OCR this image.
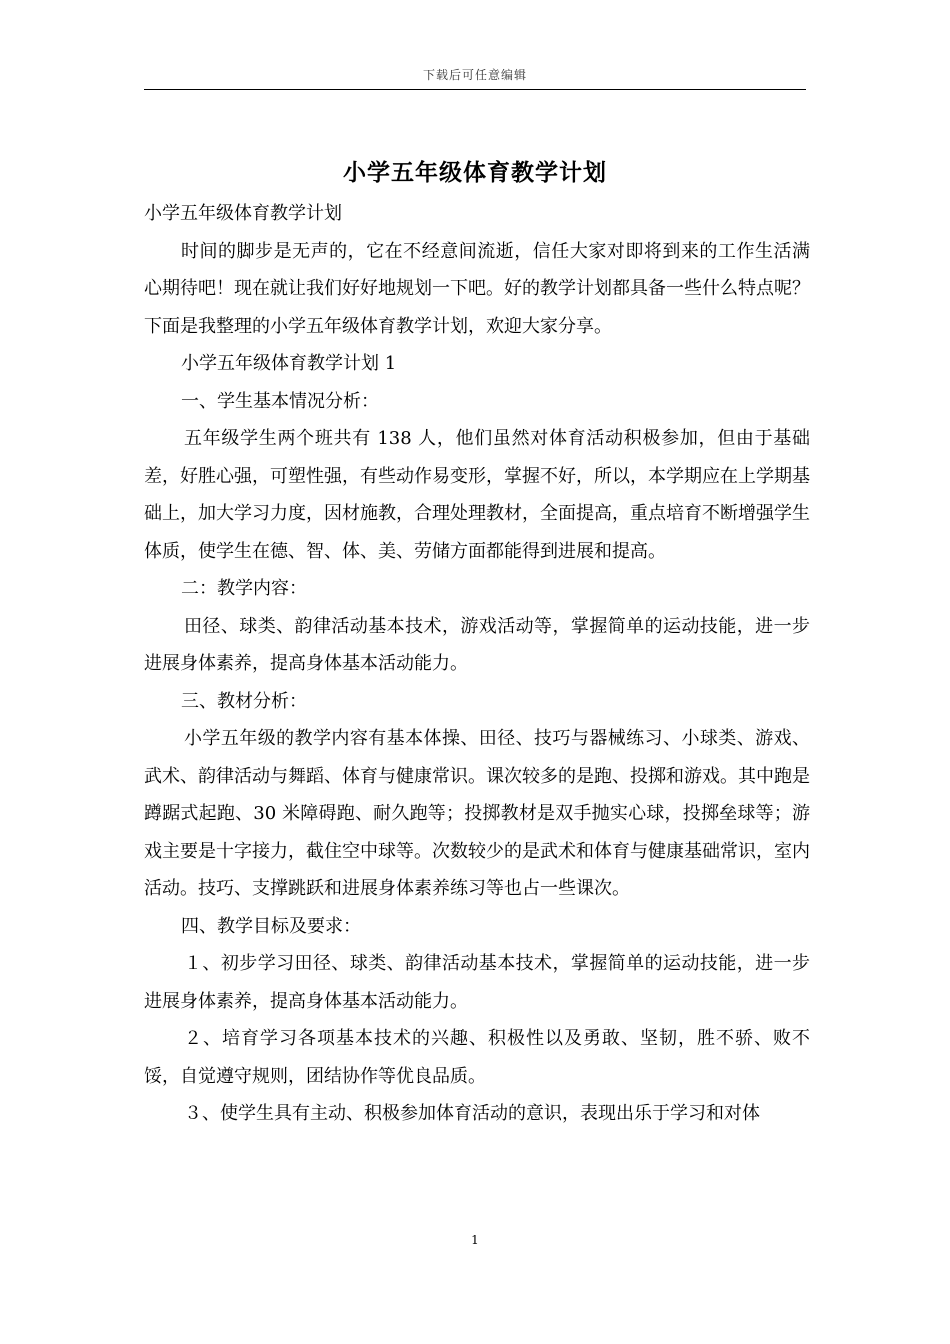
下载后可任意编辑
小学五年级体育教学计划

小学五年级体育教学计划

时间的脚步是无声的，它在不经意间流逝，信任大家对即将到来的工作生活满心期待吧！现在就让我们好好地规划一下吧。好的教学计划都具备一些什么特点呢？下面是我整理的小学五年级体育教学计划，欢迎大家分享。

小学五年级体育教学计划 1

一、学生基本情况分析：

五年级学生两个班共有 138 人，他们虽然对体育活动积极参加，但由于基础差，好胜心强，可塑性强，有些动作易变形，掌握不好，所以，本学期应在上学期基础上，加大学习力度，因材施教，合理处理教材，全面提高，重点培育不断增强学生体质，使学生在德、智、体、美、劳储方面都能得到进展和提高。

二：教学内容：

田径、球类、韵律活动基本技术，游戏活动等，掌握简单的运动技能，进一步进展身体素养，提高身体基本活动能力。

三、教材分析：

小学五年级的教学内容有基本体操、田径、技巧与器械练习、小球类、游戏、武术、韵律活动与舞蹈、体育与健康常识。课次较多的是跑、投掷和游戏。其中跑是蹲踞式起跑、30 米障碍跑、耐久跑等；投掷教材是双手抛实心球，投掷垒球等；游戏主要是十字接力，截住空中球等。次数较少的是武术和体育与健康基础常识，室内活动。技巧、支撑跳跃和进展身体素养练习等也占一些课次。

四、教学目标及要求：

１、初步学习田径、球类、韵律活动基本技术，掌握简单的运动技能，进一步进展身体素养，提高身体基本活动能力。

２、培育学习各项基本技术的兴趣、积极性以及勇敢、坚韧，胜不骄、败不馁，自觉遵守规则，团结协作等优良品质。

３、使学生具有主动、积极参加体育活动的意识，表现出乐于学习和对体

1
